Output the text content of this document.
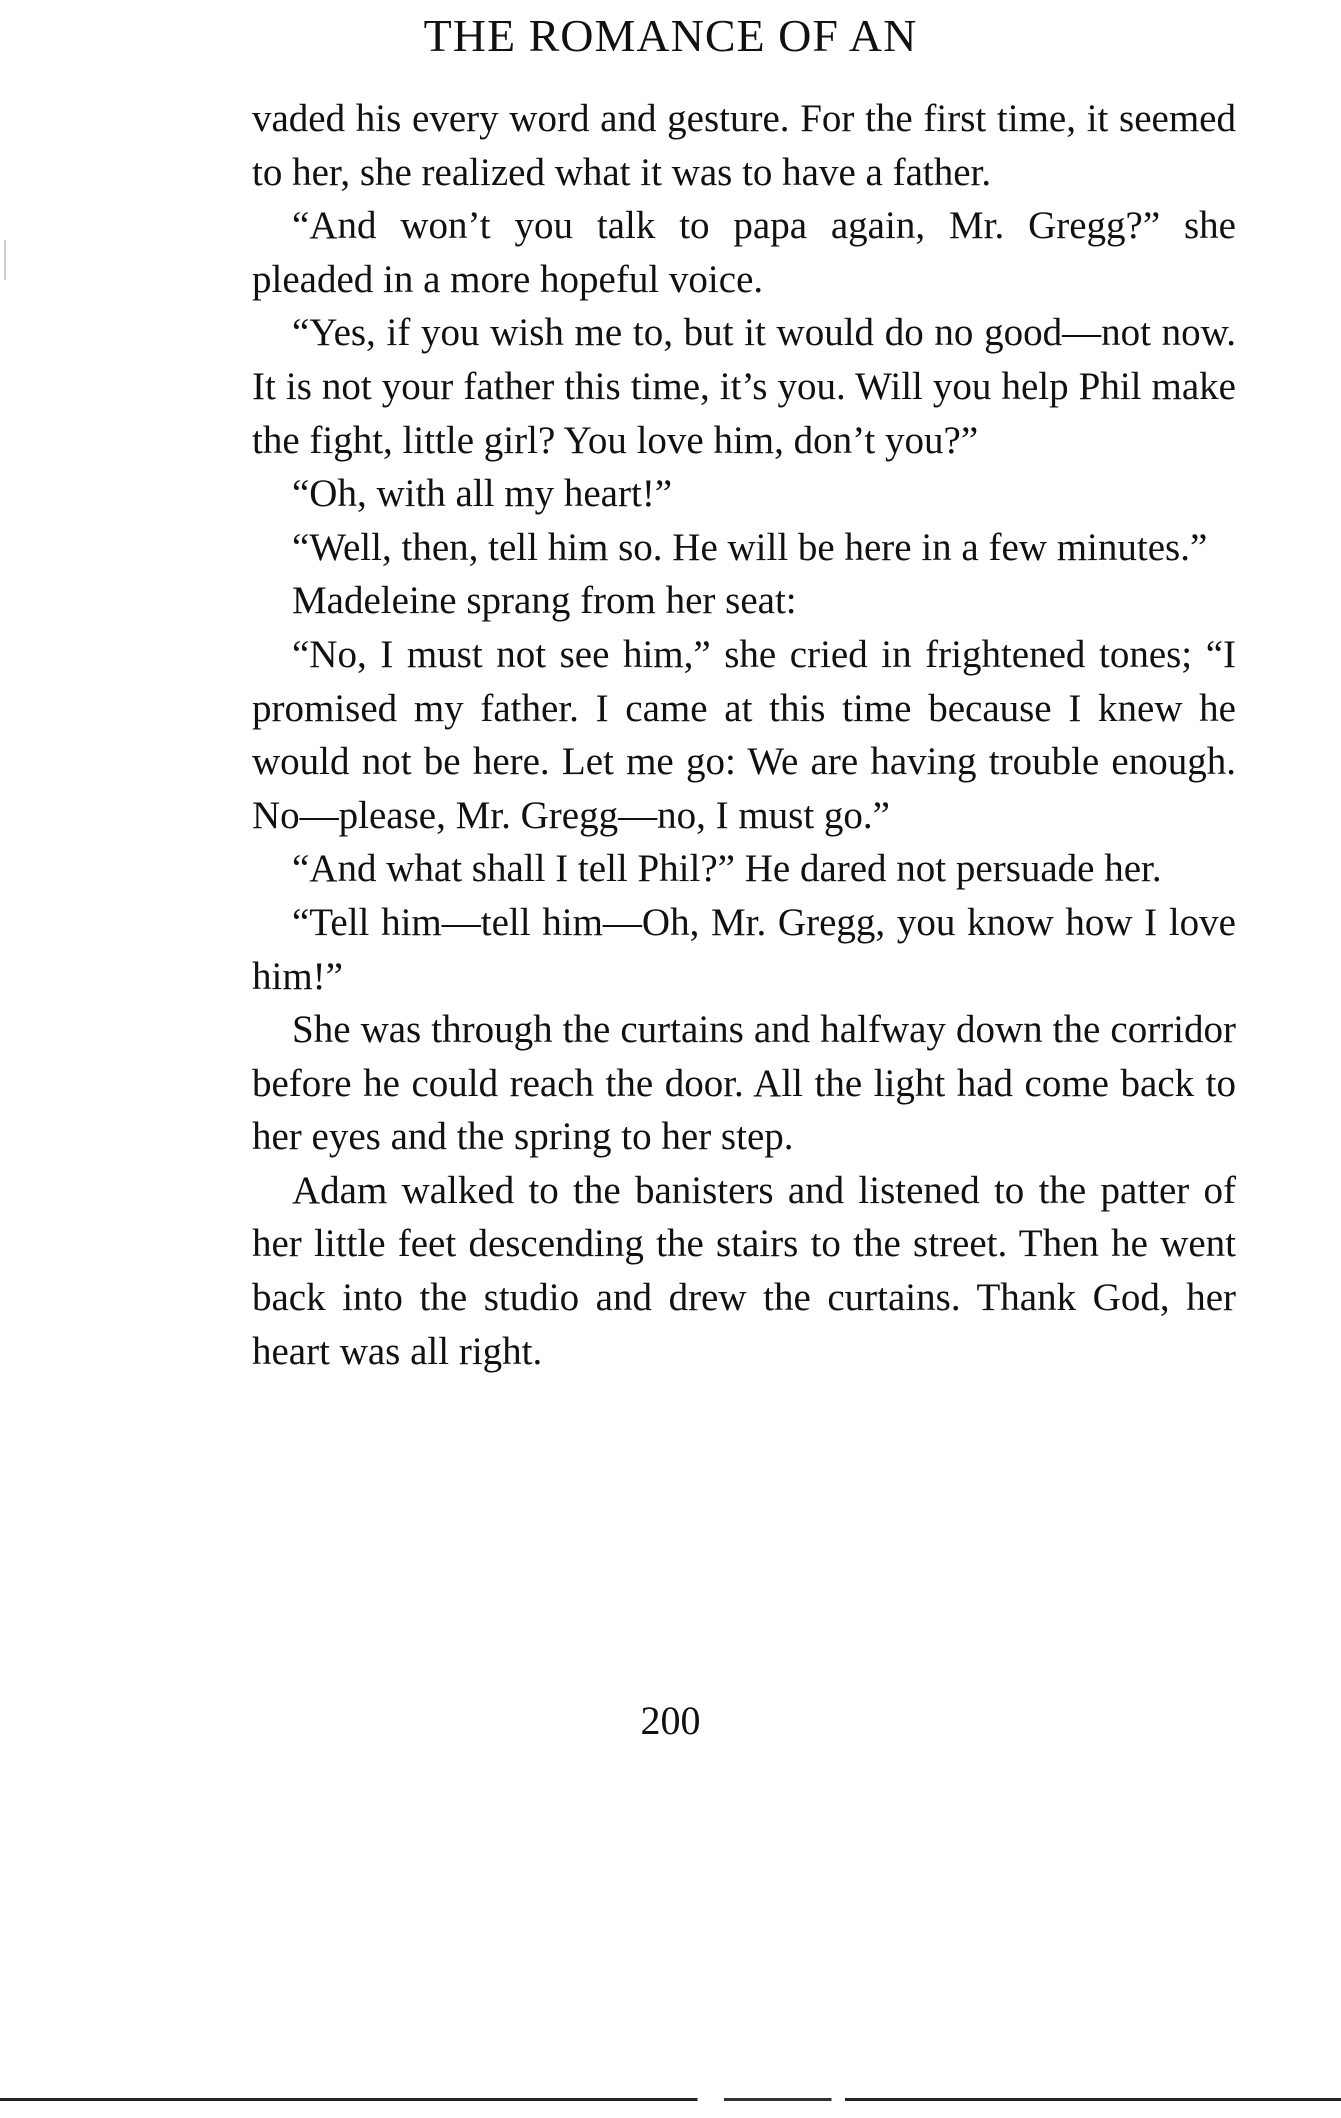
THE ROMANCE OF AN

vaded his every word and gesture. For the first time, it seemed to her, she realized what it was to have a father.

“And won’t you talk to papa again, Mr. Gregg?” she pleaded in a more hopeful voice.

“Yes, if you wish me to, but it would do no good—not now. It is not your father this time, it’s you. Will you help Phil make the fight, little girl? You love him, don’t you?”

“Oh, with all my heart!”

“Well, then, tell him so. He will be here in a few minutes.”

Madeleine sprang from her seat:

“No, I must not see him,” she cried in frightened tones; “I promised my father. I came at this time because I knew he would not be here. Let me go: We are having trouble enough. No—please, Mr. Gregg—no, I must go.”

“And what shall I tell Phil?” He dared not persuade her.

“Tell him—tell him—Oh, Mr. Gregg, you know how I love him!”

She was through the curtains and halfway down the corridor before he could reach the door. All the light had come back to her eyes and the spring to her step.

Adam walked to the banisters and listened to the patter of her little feet descending the stairs to the street. Then he went back into the studio and drew the curtains. Thank God, her heart was all right.

200
